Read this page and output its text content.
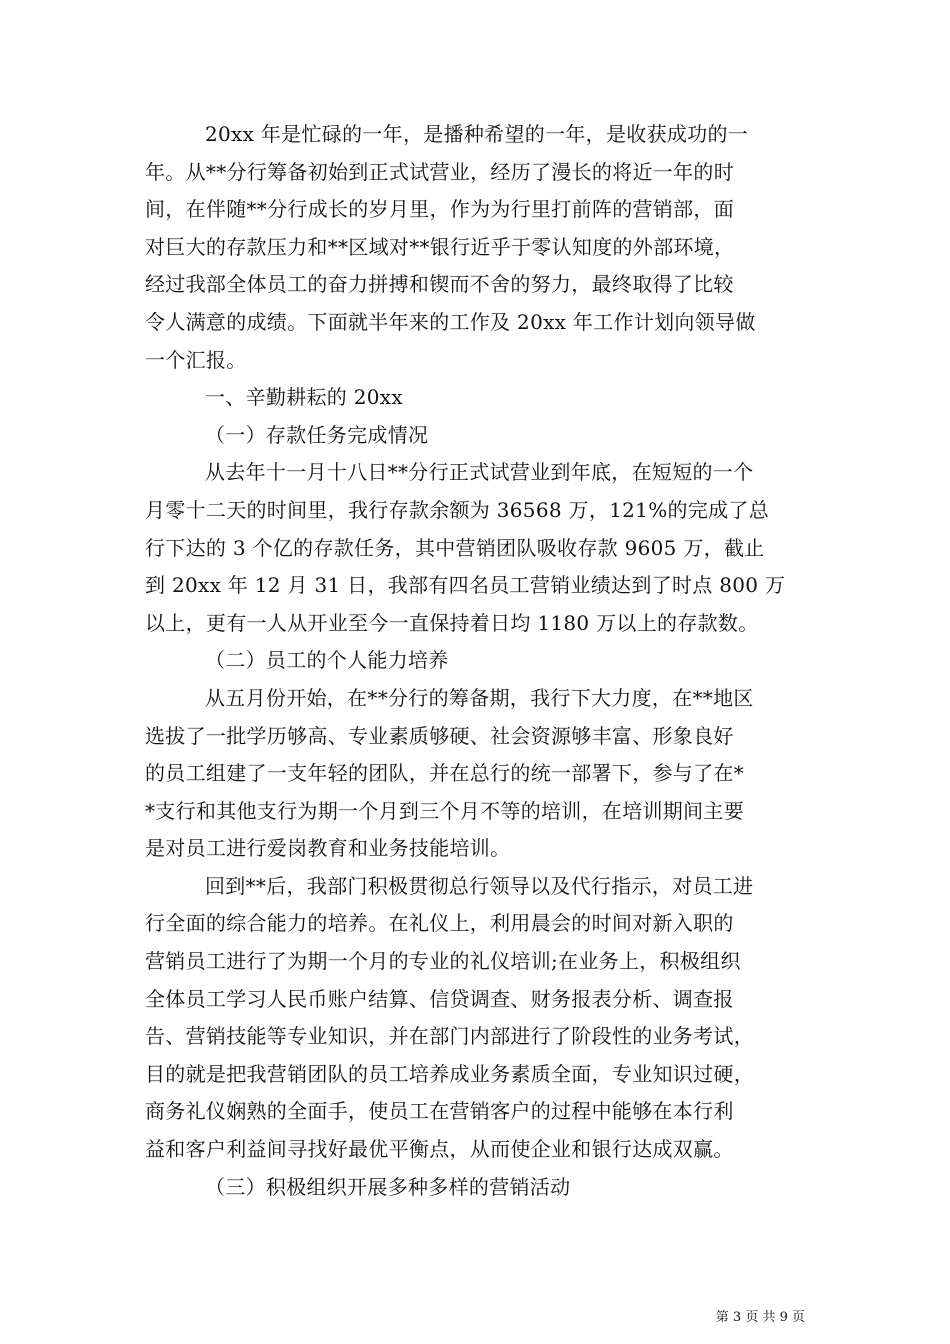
20xx 年是忙碌的一年，是播种希望的一年，是收获成功的一
年。从**分行筹备初始到正式试营业，经历了漫长的将近一年的时
间，在伴随**分行成长的岁月里，作为为行里打前阵的营销部，面
对巨大的存款压力和**区域对**银行近乎于零认知度的外部环境，
经过我部全体员工的奋力拼搏和锲而不舍的努力，最终取得了比较
令人满意的成绩。下面就半年来的工作及 20xx 年工作计划向领导做
一个汇报。
一、辛勤耕耘的 20xx
（一）存款任务完成情况
从去年十一月十八日**分行正式试营业到年底，在短短的一个
月零十二天的时间里，我行存款余额为 36568 万，121%的完成了总
行下达的 3 个亿的存款任务，其中营销团队吸收存款 9605 万，截止
到 20xx 年 12 月 31 日，我部有四名员工营销业绩达到了时点 800 万
以上，更有一人从开业至今一直保持着日均 1180 万以上的存款数。
（二）员工的个人能力培养
从五月份开始，在**分行的筹备期，我行下大力度，在**地区
选拔了一批学历够高、专业素质够硬、社会资源够丰富、形象良好
的员工组建了一支年轻的团队，并在总行的统一部署下，参与了在*
*支行和其他支行为期一个月到三个月不等的培训，在培训期间主要
是对员工进行爱岗教育和业务技能培训。
回到**后，我部门积极贯彻总行领导以及代行指示，对员工进
行全面的综合能力的培养。在礼仪上，利用晨会的时间对新入职的
营销员工进行了为期一个月的专业的礼仪培训;在业务上，积极组织
全体员工学习人民币账户结算、信贷调查、财务报表分析、调查报
告、营销技能等专业知识，并在部门内部进行了阶段性的业务考试，
目的就是把我营销团队的员工培养成业务素质全面，专业知识过硬，
商务礼仪娴熟的全面手，使员工在营销客户的过程中能够在本行利
益和客户利益间寻找好最优平衡点，从而使企业和银行达成双赢。
（三）积极组织开展多种多样的营销活动
第 3 页 共 9 页
